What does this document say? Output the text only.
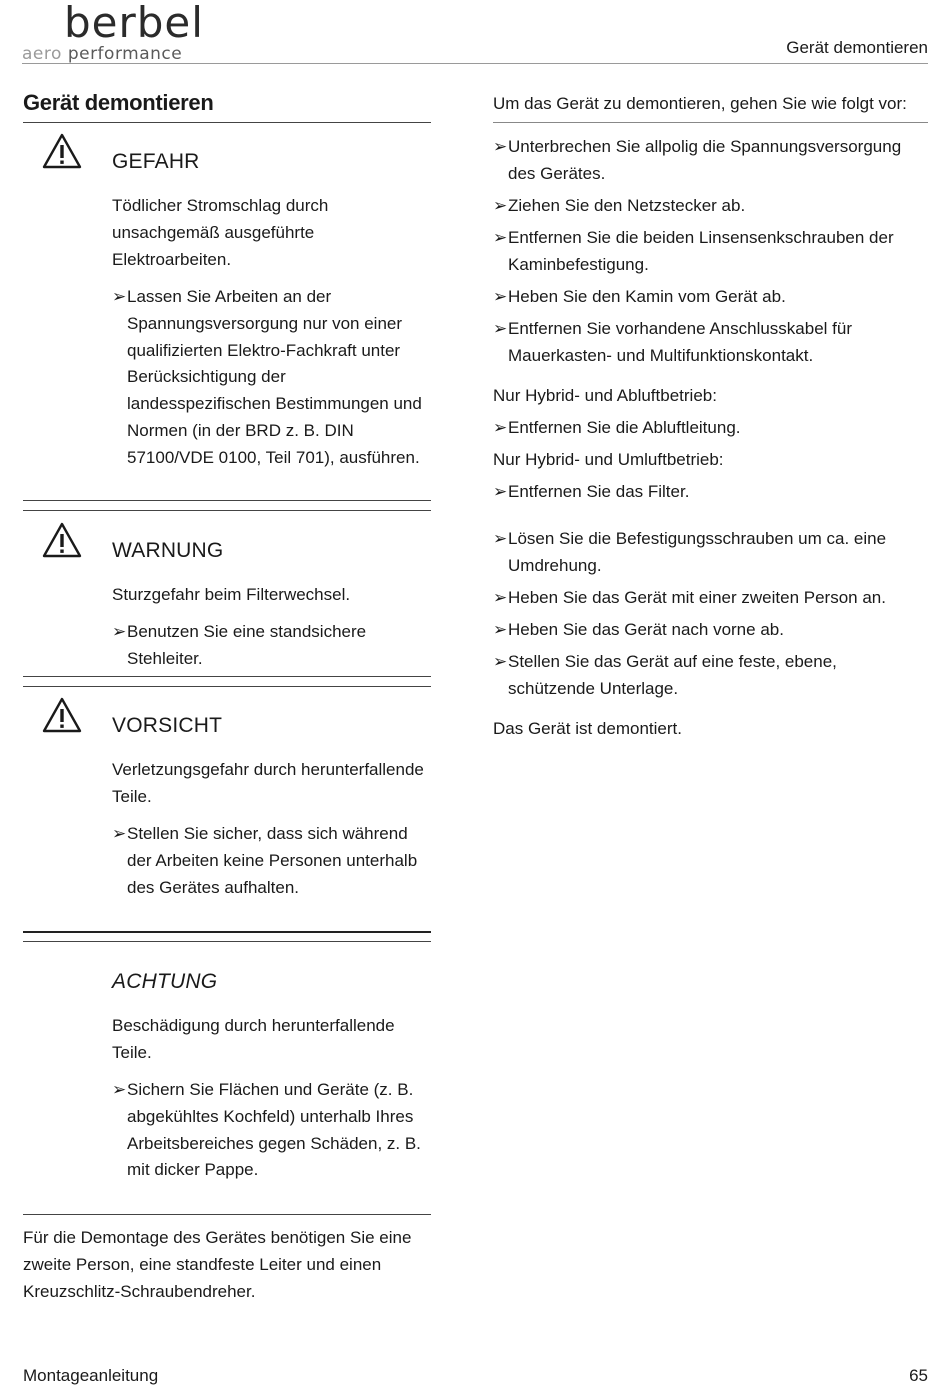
berbel
aero performance	Gerät demontieren
Gerät demontieren
GEFAHR
Tödlicher Stromschlag durch unsachgemäß ausgeführte Elektroarbeiten.
➢ Lassen Sie Arbeiten an der Spannungsversorgung nur von einer qualifizierten Elektro-Fachkraft unter Berücksichtigung der landesspezifischen Bestimmungen und Normen (in der BRD z. B. DIN 57100/VDE 0100, Teil 701), ausführen.
WARNUNG
Sturzgefahr beim Filterwechsel.
➢ Benutzen Sie eine standsichere Stehleiter.
VORSICHT
Verletzungsgefahr durch herunterfallende Teile.
➢ Stellen Sie sicher, dass sich während der Arbeiten keine Personen unterhalb des Gerätes aufhalten.
ACHTUNG
Beschädigung durch herunterfallende Teile.
➢ Sichern Sie Flächen und Geräte (z. B. abgekühltes Kochfeld) unterhalb Ihres Arbeitsbereiches gegen Schäden, z. B. mit dicker Pappe.
Für die Demontage des Gerätes benötigen Sie eine zweite Person, eine standfeste Leiter und einen Kreuzschlitz-Schraubendreher.
Um das Gerät zu demontieren, gehen Sie wie folgt vor:
➢ Unterbrechen Sie allpolig die Spannungsversorgung des Gerätes.
➢ Ziehen Sie den Netzstecker ab.
➢ Entfernen Sie die beiden Linsensenkschrauben der Kaminbefestigung.
➢ Heben Sie den Kamin vom Gerät ab.
➢ Entfernen Sie vorhandene Anschlusskabel für Mauerkasten- und Multifunktionskontakt.
Nur Hybrid- und Abluftbetrieb:
➢ Entfernen Sie die Abluftleitung.
Nur Hybrid- und Umluftbetrieb:
➢ Entfernen Sie das Filter.
➢ Lösen Sie die Befestigungsschrauben um ca. eine Umdrehung.
➢ Heben Sie das Gerät mit einer zweiten Person an.
➢ Heben Sie das Gerät nach vorne ab.
➢ Stellen Sie das Gerät auf eine feste, ebene, schützende Unterlage.
Das Gerät ist demontiert.
Montageanleitung	65
